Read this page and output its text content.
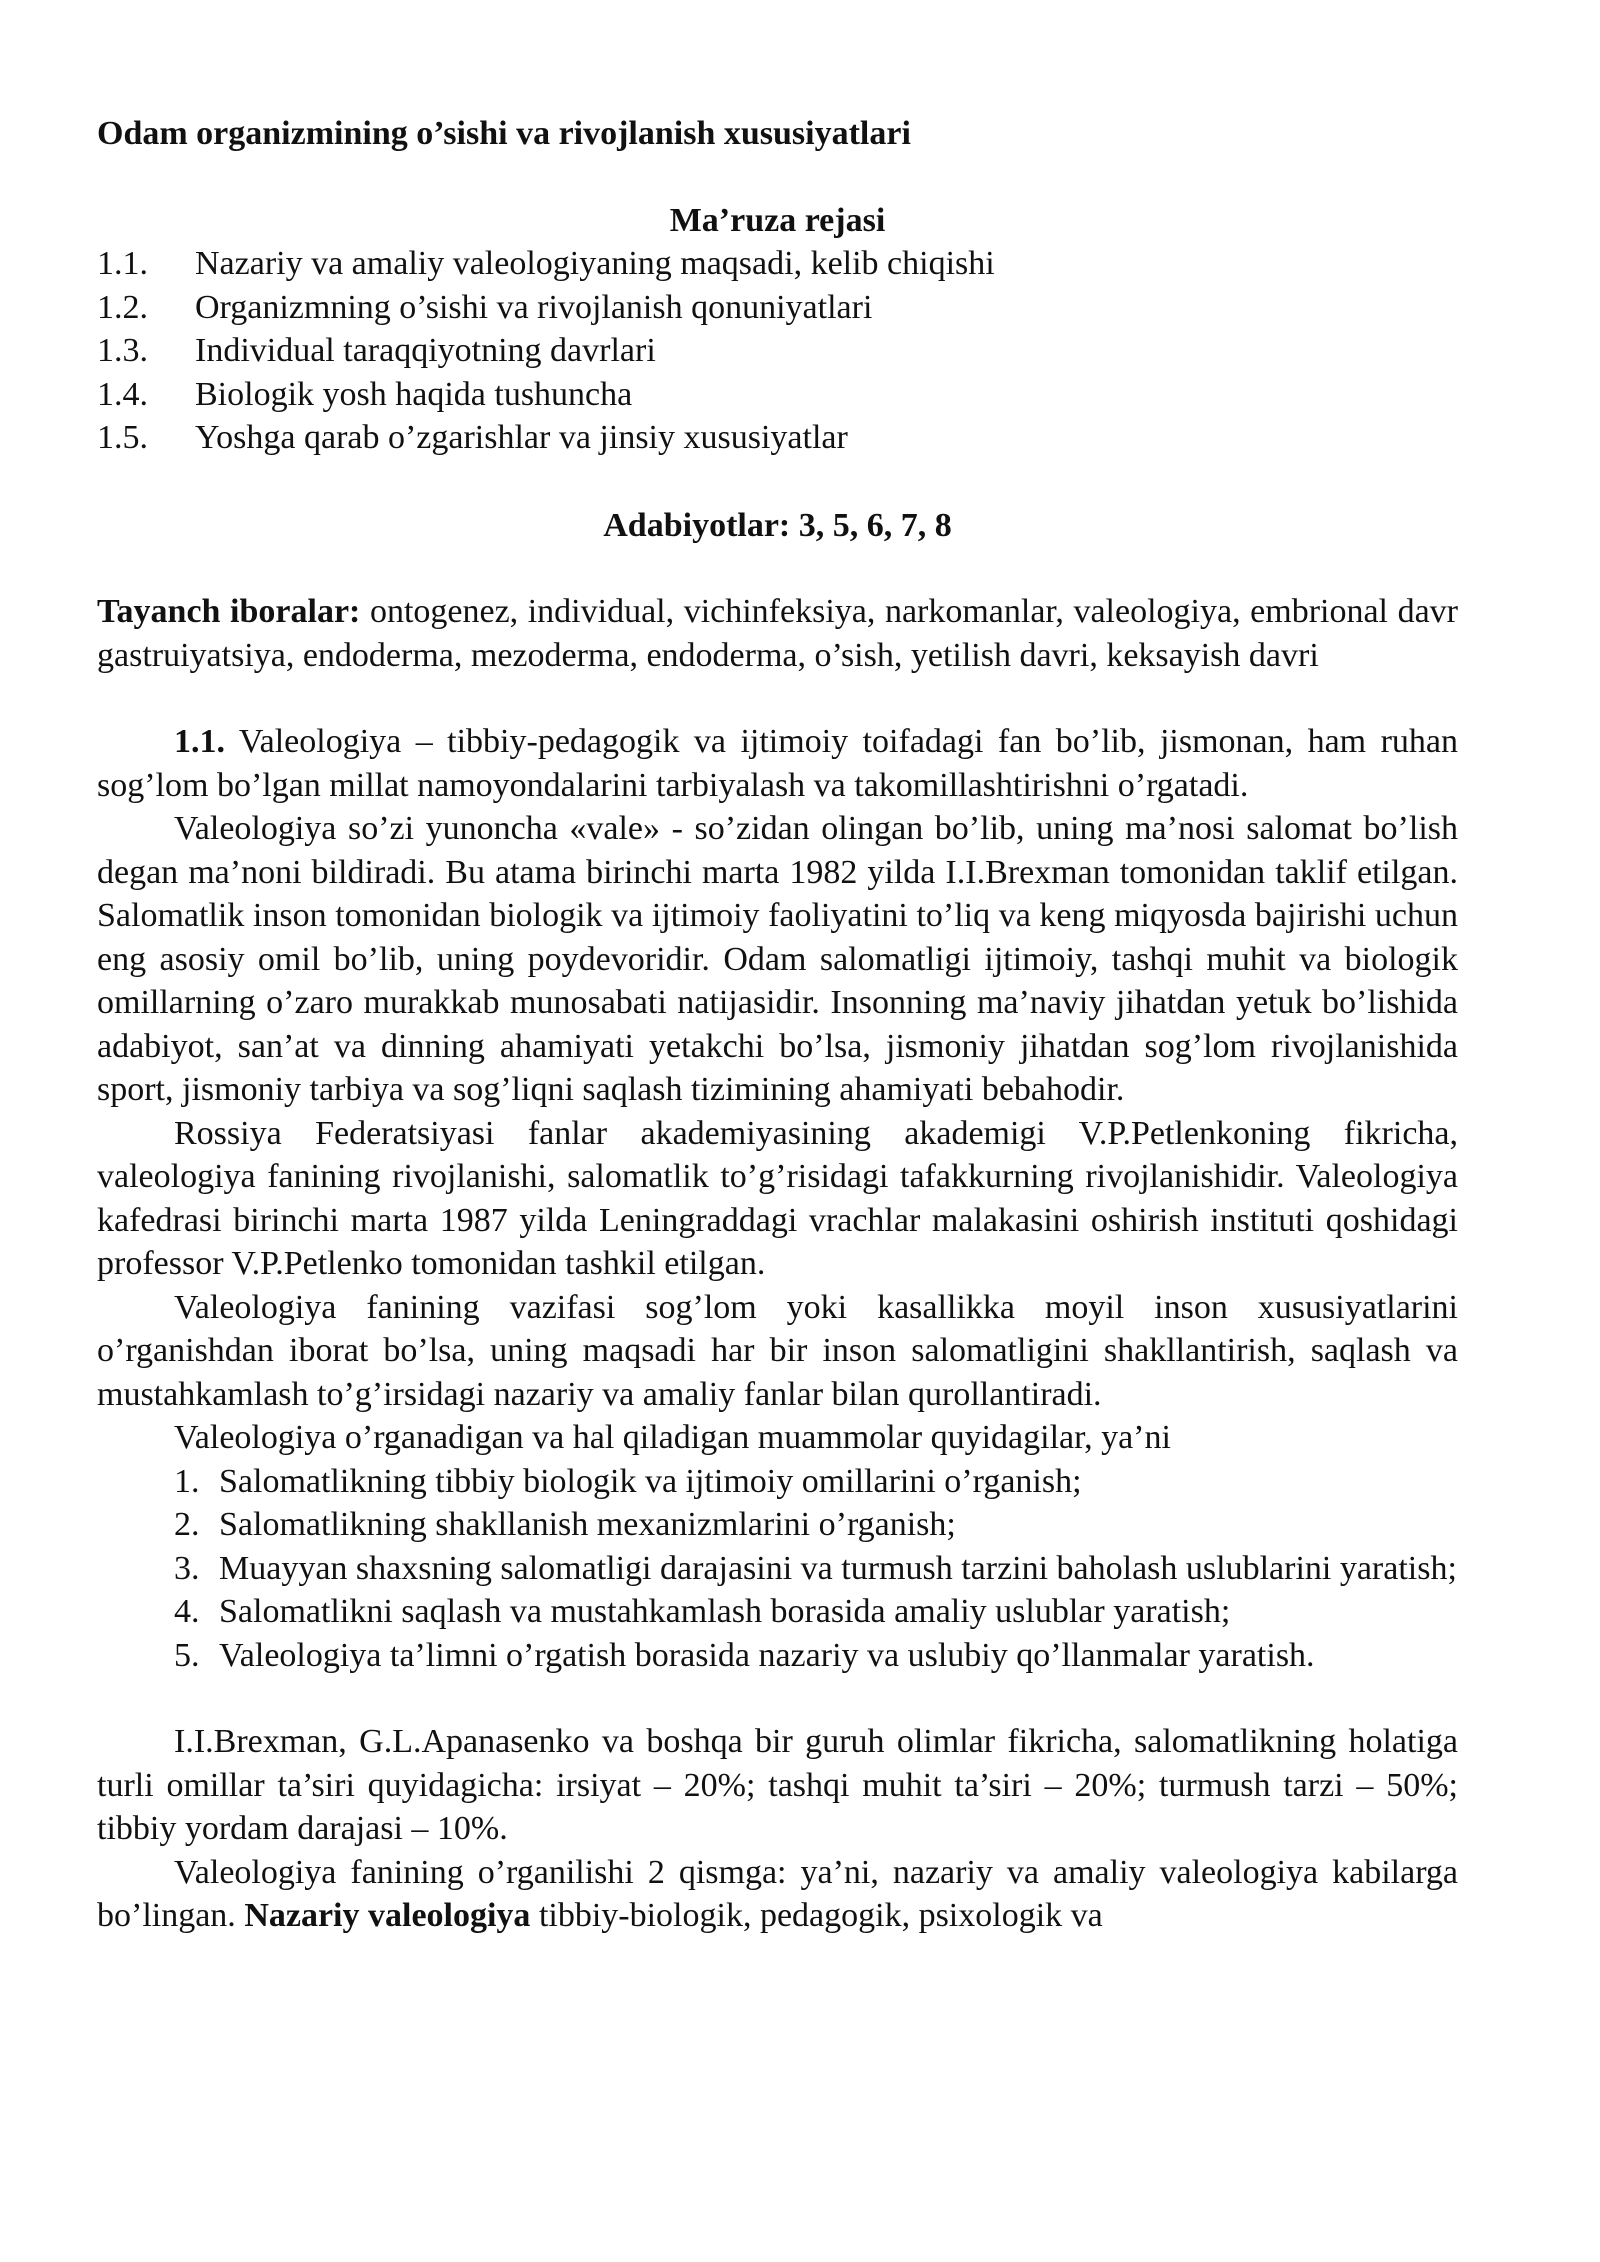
Odam organizmining o’sishi va rivojlanish xususiyatlari

Ma’ruza rejasi

1.1.	Nazariy va amaliy valeologiyaning maqsadi, kelib chiqishi
1.2.	Organizmning o’sishi va rivojlanish qonuniyatlari
1.3.	Individual taraqqiyotning davrlari
1.4.	Biologik yosh haqida tushuncha
1.5.	Yoshga qarab o’zgarishlar va jinsiy xususiyatlar

Adabiyotlar: 3, 5, 6, 7, 8

Tayanch iboralar: ontogenez, individual, vichinfeksiya, narkomanlar, valeologiya, embrional davr gastruiyatsiya, endoderma, mezoderma, endoderma, o’sish, yetilish davri, keksayish davri

1.1. Valeologiya – tibbiy-pedagogik va ijtimoiy toifadagi fan bo’lib, jismonan, ham ruhan sog’lom bo’lgan millat namoyondalarini tarbiyalash va takomillashtirishni o’rgatadi.

Valeologiya so’zi yunoncha «vale» - so’zidan olingan bo’lib, uning ma’nosi salomat bo’lish degan ma’noni bildiradi. Bu atama birinchi marta 1982 yilda I.I.Brexman tomonidan taklif etilgan. Salomatlik inson tomonidan biologik va ijtimoiy faoliyatini to’liq va keng miqyosda bajirishi uchun eng asosiy omil bo’lib, uning poydevoridir. Odam salomatligi ijtimoiy, tashqi muhit va biologik omillarning o’zaro murakkab munosabati natijasidir. Insonning ma’naviy jihatdan yetuk bo’lishida adabiyot, san’at va dinning ahamiyati yetakchi bo’lsa, jismoniy jihatdan sog’lom rivojlanishida sport, jismoniy tarbiya va sog’liqni saqlash tizimining ahamiyati bebahodir.

Rossiya Federatsiyasi fanlar akademiyasining akademigi V.P.Petlenkoning fikricha, valeologiya fanining rivojlanishi, salomatlik to’g’risidagi tafakkurning rivojlanishidir. Valeologiya kafedrasi birinchi marta 1987 yilda Leningraddagi vrachlar malakasini oshirish instituti qoshidagi professor V.P.Petlenko tomonidan tashkil etilgan.

Valeologiya fanining vazifasi sog’lom yoki kasallikka moyil inson xususiyatlarini o’rganishdan iborat bo’lsa, uning maqsadi har bir inson salomatligini shakllantirish, saqlash va mustahkamlash to’g’irsidagi nazariy va amaliy fanlar bilan qurollantiradi.

Valeologiya o’rganadigan va hal qiladigan muammolar quyidagilar, ya’ni

1. Salomatlikning tibbiy biologik va ijtimoiy omillarini o’rganish;
2. Salomatlikning shakllanish mexanizmlarini o’rganish;
3. Muayyan shaxsning salomatligi darajasini va turmush tarzini baholash uslublarini yaratish;
4. Salomatlikni saqlash va mustahkamlash borasida amaliy uslublar yaratish;
5. Valeologiya ta’limni o’rgatish borasida nazariy va uslubiy qo’llanmalar yaratish.

I.I.Brexman, G.L.Apanasenko va boshqa bir guruh olimlar fikricha, salomatlikning holatiga turli omillar ta’siri quyidagicha: irsiyat – 20%; tashqi muhit ta’siri – 20%; turmush tarzi – 50%; tibbiy yordam darajasi – 10%.

Valeologiya fanining o’rganilishi 2 qismga: ya’ni, nazariy va amaliy valeologiya kabilarga bo’lingan. Nazariy valeologiya tibbiy-biologik, pedagogik, psixologik va
